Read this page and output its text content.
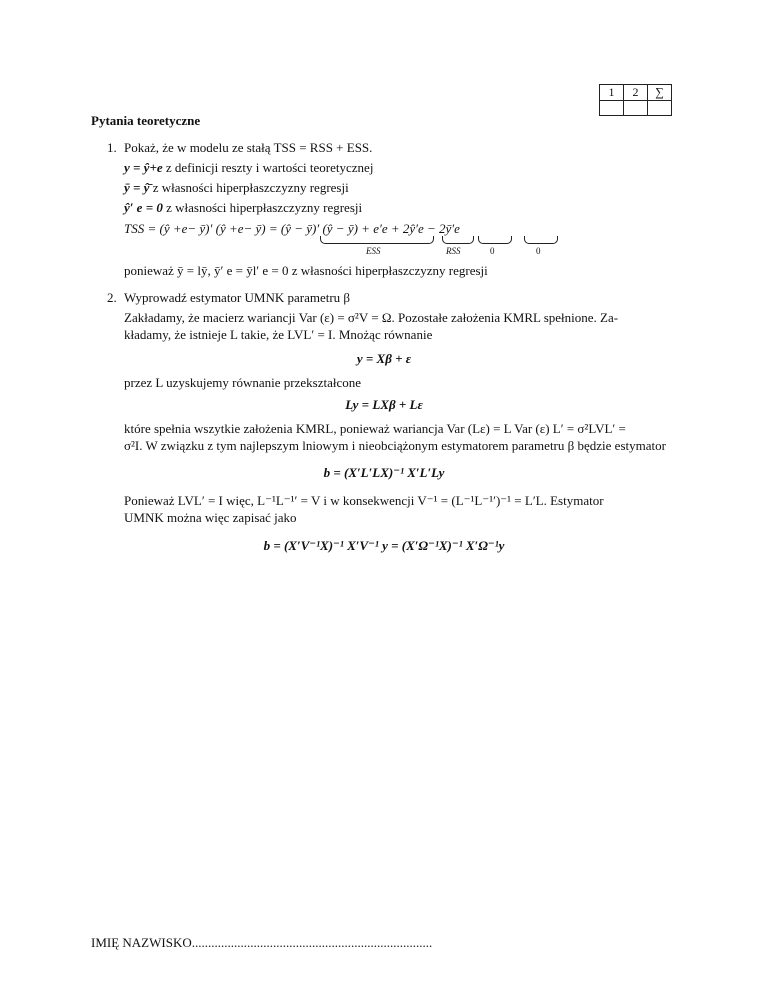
1	2	∑

Pytania teoretyczne
1. Pokaż, że w modelu ze stałą TSS = RSS + ESS.
y = ŷ+e z definicji reszty i wartości teoretycznej
ȳ = ŷ̄ z własności hiperpłaszczyzny regresji
ŷ′ e = 0 z własności hiperpłaszczyzny regresji
TSS = (ŷ +e− ȳ)′ (ŷ +e− ȳ) = (ŷ − ȳ)′ (ŷ − ȳ) + e′e + 2ŷ′e − 2ȳ′e
ESS	RSS	0	0
ponieważ ȳ = lȳ, ȳ′ e = ȳl′ e = 0 z własności hiperpłaszczyzny regresji
2. Wyprowadź estymator UMNK parametru β
Zakładamy, że macierz wariancji Var (ε) = σ²V = Ω. Pozostałe założenia KMRL spełnione. Za-
kładamy, że istnieje L takie, że LVL′ = I. Mnożąc równanie
y = Xβ + ε
przez L uzyskujemy równanie przekształcone
Ly = LXβ + Lε
które spełnia wszytkie założenia KMRL, ponieważ wariancja Var (Lε) = L Var (ε) L′ = σ²LVL′ =
σ²I. W związku z tym najlepszym lniowym i nieobciążonym estymatorem parametru β będzie estymator
b = (X′L′LX)⁻¹ X′L′Ly
Ponieważ LVL′ = I więc, L⁻¹L⁻¹′ = V i w konsekwencji V⁻¹ = (L⁻¹L⁻¹′)⁻¹ = L′L. Estymator
UMNK można więc zapisać jako
b = (X′V⁻¹X)⁻¹ X′V⁻¹ y = (X′Ω⁻¹X)⁻¹ X′Ω⁻¹y
IMIĘ NAZWISKO..........................................................................
